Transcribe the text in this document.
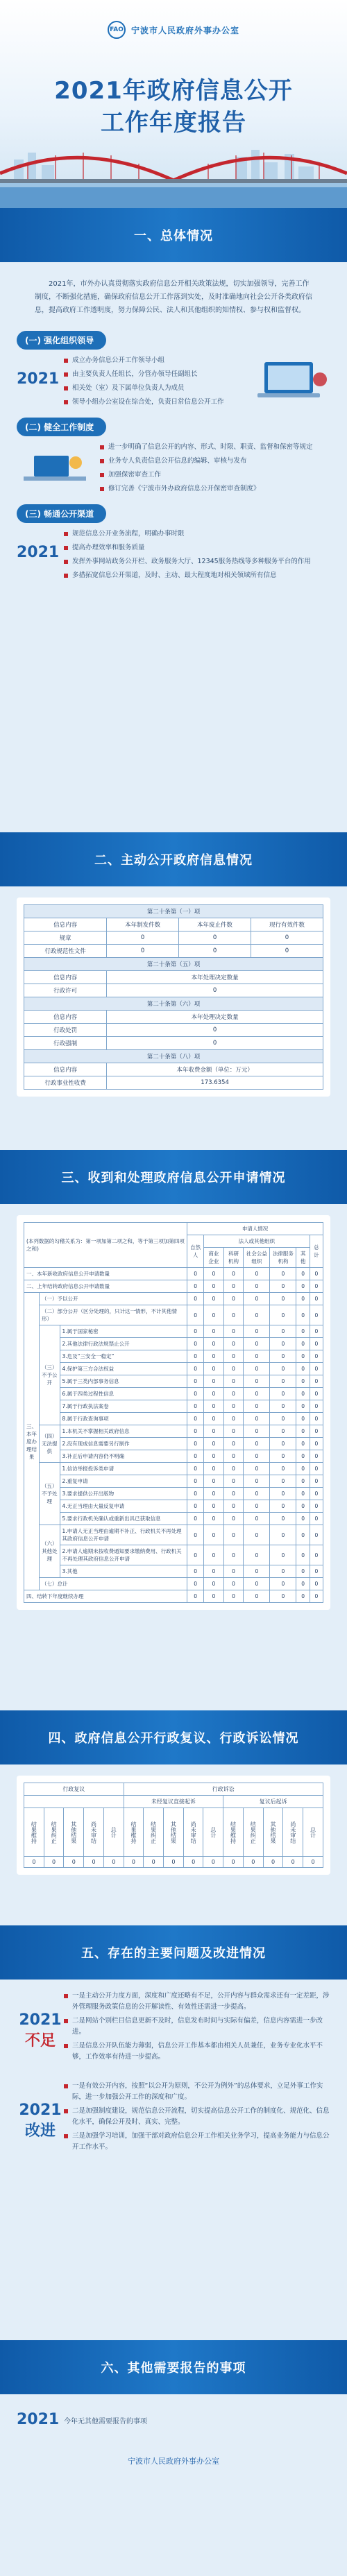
FAO 宁波市人民政府外事办公室
2021年政府信息公开
工作年度报告
一、总体情况

2021年，市外办认真贯彻落实政府信息公开相关政策法规，切实加强领导，完善工作制度，不断强化措施，确保政府信息公开工作落到实处，及时准确地向社会公开各类政府信息，提高政府工作透明度，努力保障公民、法人和其他组织的知情权、参与权和监督权。

(一) 强化组织领导
2021
成立办务信息公开工作领导小组
由主要负责人任组长，分管办领导任副组长
相关处（室）及下属单位负责人为成员
领导小组办公室设在综合处，负责日常信息公开工作
(二) 健全工作制度
进一步明确了信息公开的内容、形式、时限、职责、监督和保密等规定
业务专人负责信息公开信息的编辑、审核与发布
加强保密审查工作
修订完善《宁波市外办政府信息公开保密审查制度》
(三) 畅通公开渠道
2021
规范信息公开业务流程，明确办事时限
提高办理效率和服务质量
发挥外事网站政务公开栏、政务服务大厅、12345服务热线等多种服务平台的作用
多措拓宽信息公开渠道，及时、主动、最大程度地对相关领域所有信息
二、主动公开政府信息情况
第二十条第（一）项			
信息内容	本年制发件数	本年废止件数	现行有效件数
规章	0	0	0
行政规范性文件	0	0	0
第二十条第（五）项			
信息内容	本年处理决定数量		
行政许可	0		
第二十条第（六）项			
信息内容	本年处理决定数量		
行政处罚	0		
行政强制	0		
第二十条第（八）项			
信息内容	本年收费金额（单位：万元）		
行政事业性收费	173.6354		
三、收到和处理政府信息公开申请情况
(本列数据的勾稽关系为：第一项加第二项之和，等于第三项加第四项之和)			申请人情况						
			自然人	法人或其他组织					总计
				商业企业	科研机构	社会公益组织	法律服务机构	其他	
一、本年新收政府信息公开申请数量			0	0	0	0	0	0	0
二、上年结转政府信息公开申请数量			0	0	0	0	0	0	0
三、本年度办理结果	（一）予以公开		0	0	0	0	0	0	0
	（二）部分公开（区分处理的，只计这一情形，不计其他情形）		0	0	0	0	0	0	0
	（三）不予公开	1.属于国家秘密	0	0	0	0	0	0	0
		2.其他法律行政法规禁止公开	0	0	0	0	0	0	0
		3.危及“三安全一稳定”	0	0	0	0	0	0	0
		4.保护第三方合法权益	0	0	0	0	0	0	0
		5.属于三类内部事务信息	0	0	0	0	0	0	0
		6.属于四类过程性信息	0	0	0	0	0	0	0
		7.属于行政执法案卷	0	0	0	0	0	0	0
		8.属于行政查询事项	0	0	0	0	0	0	0
	（四）无法提供	1.本机关不掌握相关政府信息	0	0	0	0	0	0	0
		2.没有现成信息需要另行制作	0	0	0	0	0	0	0
		3.补正后申请内容仍不明确	0	0	0	0	0	0	0
	（五）不予处理	1.信访举报投诉类申请	0	0	0	0	0	0	0
		2.重复申请	0	0	0	0	0	0	0
		3.要求提供公开出版物	0	0	0	0	0	0	0
		4.无正当理由大量反复申请	0	0	0	0	0	0	0
		5.要求行政机关确认或重新出具已获取信息	0	0	0	0	0	0	0
	（六）其他处理	1.申请人无正当理由逾期不补正、行政机关不再处理其政府信息公开申请	0	0	0	0	0	0	0
		2.申请人逾期未按收费通知要求缴纳费用、行政机关不再处理其政府信息公开申请	0	0	0	0	0	0	0
		3.其他	0	0	0	0	0	0	0
	（七）总计		0	0	0	0	0	0	0
四、结转下年度继续办理			0	0	0	0	0	0	0
四、政府信息公开行政复议、行政诉讼情况
行政复议					行政诉讼									
					未经复议直接起诉					复议后起诉				
结果维持	结果纠正	其他结果	尚未审结	总计	结果维持	结果纠正	其他结果	尚未审结	总计	结果维持	结果纠正	其他结果	尚未审结	总计
0	0	0	0	0	0	0	0	0	0	0	0	0	0	0
五、存在的主要问题及改进情况
2021
不足
一是主动公开力度方面，深度和广度还略有不足，公开内容与群众需求还有一定差距，涉外管理服务政策信息的公开解读性、有效性还需进一步提高。
二是网站个别栏目信息更新不及时，信息发布时间与实际有偏差，信息内容需进一步改进。
三是信息公开队伍能力薄弱，信息公开工作基本都由相关人员兼任，业务专业化水平不够，工作效率有待进一步提高。
2021
改进
一是有效公开内容，按照“以公开为原则，不公开为例外”的总体要求，立足外事工作实际，进一步加强公开工作的深度和广度。
二是加强制度建设，规范信息公开流程，切实提高信息公开工作的制度化、规范化、信息化水平，确保公开及时、真实、完整。
三是加强学习培训，加强干部对政府信息公开工作相关业务学习，提高业务能力与信息公开工作水平。
六、其他需要报告的事项
2021 今年无其他需要报告的事项
宁波市人民政府外事办公室
